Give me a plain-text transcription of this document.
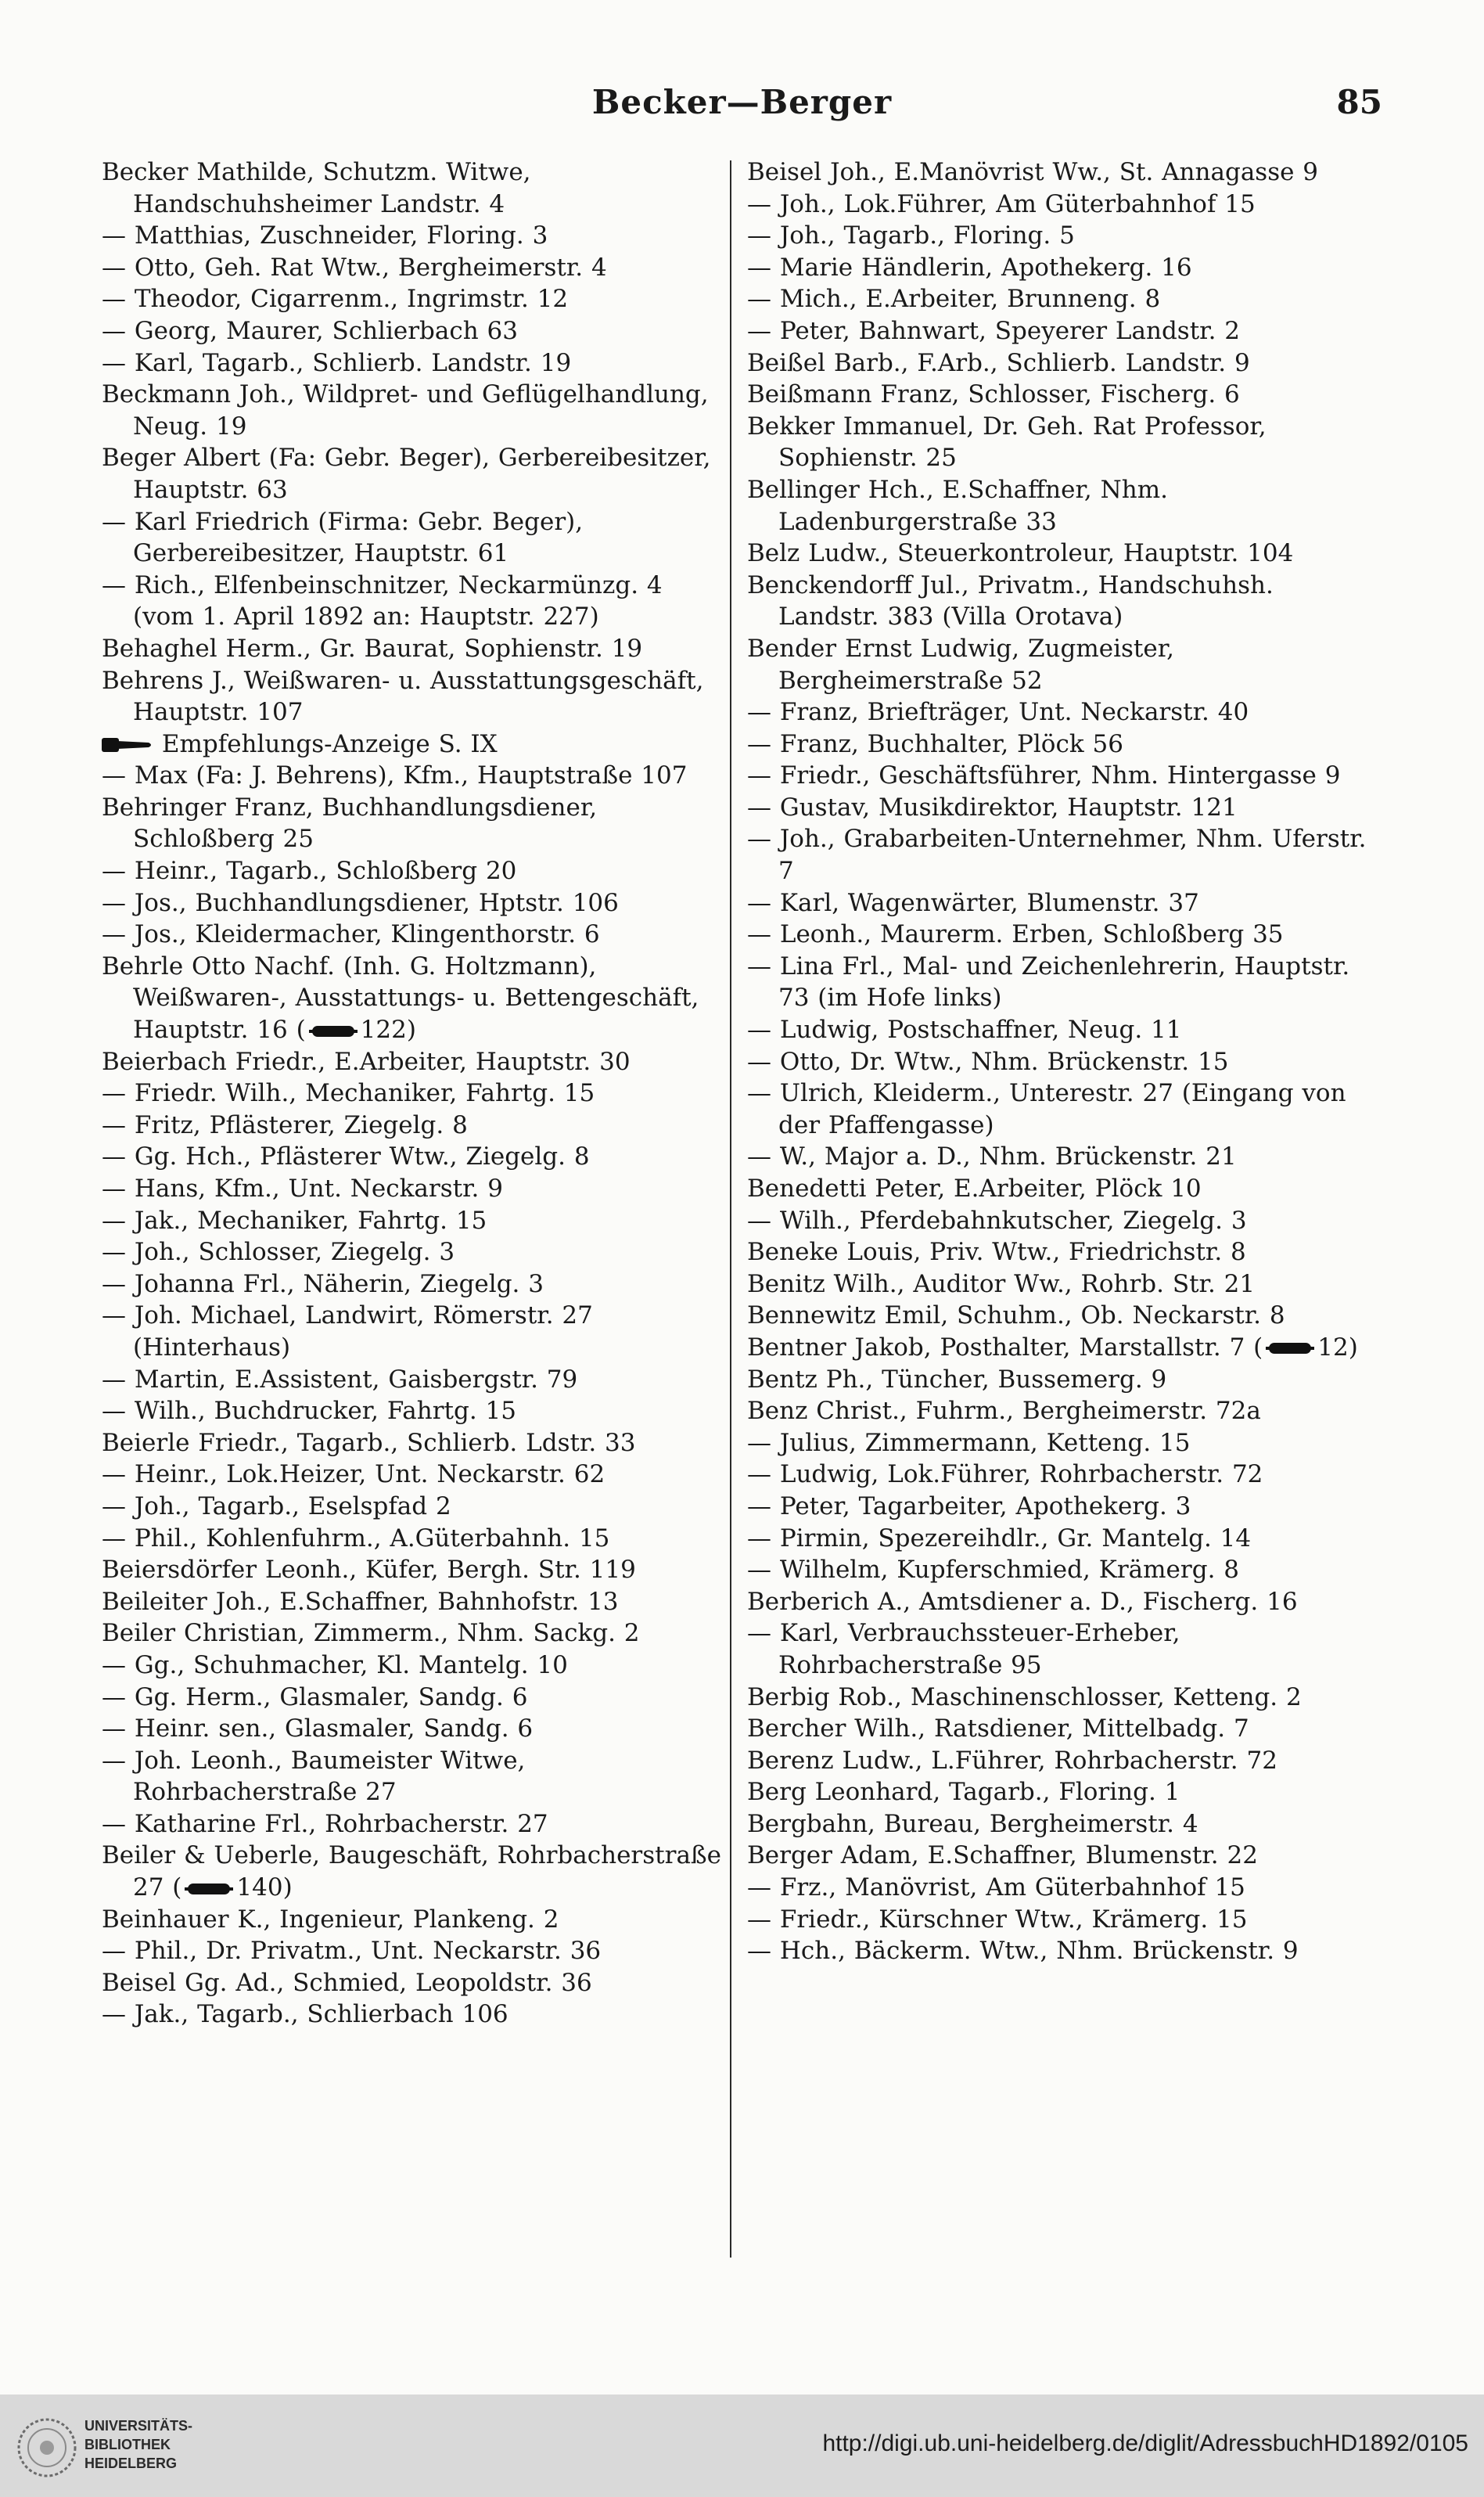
Becker—Berger	85
Becker Mathilde, Schutzm. Witwe, Handschuhsheimer Landstr. 4
— Matthias, Zuschneider, Floring. 3
— Otto, Geh. Rat Wtw., Bergheimerstr. 4
— Theodor, Cigarrenm., Ingrimstr. 12
— Georg, Maurer, Schlierbach 63
— Karl, Tagarb., Schlierb. Landstr. 19
Beckmann Joh., Wildpret- und Geflügelhandlung, Neug. 19
Beger Albert (Fa: Gebr. Beger), Gerbereibesitzer, Hauptstr. 63
— Karl Friedrich (Firma: Gebr. Beger), Gerbereibesitzer, Hauptstr. 61
— Rich., Elfenbeinschnitzer, Neckarmünzg. 4 (vom 1. April 1892 an: Hauptstr. 227)
Behaghel Herm., Gr. Baurat, Sophienstr. 19
Behrens J., Weißwaren- u. Ausstattungsgeschäft, Hauptstr. 107
Empfehlungs-Anzeige S. IX
— Max (Fa: J. Behrens), Kfm., Hauptstraße 107
Behringer Franz, Buchhandlungsdiener, Schloßberg 25
— Heinr., Tagarb., Schloßberg 20
— Jos., Buchhandlungsdiener, Hptstr. 106
— Jos., Kleidermacher, Klingenthorstr. 6
Behrle Otto Nachf. (Inh. G. Holtzmann), Weißwaren-, Ausstattungs- u. Bettengeschäft, Hauptstr. 16 ( 122)
Beierbach Friedr., E.Arbeiter, Hauptstr. 30
— Friedr. Wilh., Mechaniker, Fahrtg. 15
— Fritz, Pflästerer, Ziegelg. 8
— Gg. Hch., Pflästerer Wtw., Ziegelg. 8
— Hans, Kfm., Unt. Neckarstr. 9
— Jak., Mechaniker, Fahrtg. 15
— Joh., Schlosser, Ziegelg. 3
— Johanna Frl., Näherin, Ziegelg. 3
— Joh. Michael, Landwirt, Römerstr. 27 (Hinterhaus)
— Martin, E.Assistent, Gaisbergstr. 79
— Wilh., Buchdrucker, Fahrtg. 15
Beierle Friedr., Tagarb., Schlierb. Ldstr. 33
— Heinr., Lok.Heizer, Unt. Neckarstr. 62
— Joh., Tagarb., Eselspfad 2
— Phil., Kohlenfuhrm., A.Güterbahnh. 15
Beiersdörfer Leonh., Küfer, Bergh. Str. 119
Beileiter Joh., E.Schaffner, Bahnhofstr. 13
Beiler Christian, Zimmerm., Nhm. Sackg. 2
— Gg., Schuhmacher, Kl. Mantelg. 10
— Gg. Herm., Glasmaler, Sandg. 6
— Heinr. sen., Glasmaler, Sandg. 6
— Joh. Leonh., Baumeister Witwe, Rohrbacherstraße 27
— Katharine Frl., Rohrbacherstr. 27
Beiler & Ueberle, Baugeschäft, Rohrbacherstraße 27 ( 140)
Beinhauer K., Ingenieur, Plankeng. 2
— Phil., Dr. Privatm., Unt. Neckarstr. 36
Beisel Gg. Ad., Schmied, Leopoldstr. 36
— Jak., Tagarb., Schlierbach 106
Beisel Joh., E.Manövrist Ww., St. Annagasse 9
— Joh., Lok.Führer, Am Güterbahnhof 15
— Joh., Tagarb., Floring. 5
— Marie Händlerin, Apothekerg. 16
— Mich., E.Arbeiter, Brunneng. 8
— Peter, Bahnwart, Speyerer Landstr. 2
Beißel Barb., F.Arb., Schlierb. Landstr. 9
Beißmann Franz, Schlosser, Fischerg. 6
Bekker Immanuel, Dr. Geh. Rat Professor, Sophienstr. 25
Bellinger Hch., E.Schaffner, Nhm. Ladenburgerstraße 33
Belz Ludw., Steuerkontroleur, Hauptstr. 104
Benckendorff Jul., Privatm., Handschuhsh. Landstr. 383 (Villa Orotava)
Bender Ernst Ludwig, Zugmeister, Bergheimerstraße 52
— Franz, Briefträger, Unt. Neckarstr. 40
— Franz, Buchhalter, Plöck 56
— Friedr., Geschäftsführer, Nhm. Hintergasse 9
— Gustav, Musikdirektor, Hauptstr. 121
— Joh., Grabarbeiten-Unternehmer, Nhm. Uferstr. 7
— Karl, Wagenwärter, Blumenstr. 37
— Leonh., Maurerm. Erben, Schloßberg 35
— Lina Frl., Mal- und Zeichenlehrerin, Hauptstr. 73 (im Hofe links)
— Ludwig, Postschaffner, Neug. 11
— Otto, Dr. Wtw., Nhm. Brückenstr. 15
— Ulrich, Kleiderm., Unterestr. 27 (Eingang von der Pfaffengasse)
— W., Major a. D., Nhm. Brückenstr. 21
Benedetti Peter, E.Arbeiter, Plöck 10
— Wilh., Pferdebahnkutscher, Ziegelg. 3
Beneke Louis, Priv. Wtw., Friedrichstr. 8
Benitz Wilh., Auditor Ww., Rohrb. Str. 21
Bennewitz Emil, Schuhm., Ob. Neckarstr. 8
Bentner Jakob, Posthalter, Marstallstr. 7 ( 12)
Bentz Ph., Tüncher, Bussemerg. 9
Benz Christ., Fuhrm., Bergheimerstr. 72a
— Julius, Zimmermann, Ketteng. 15
— Ludwig, Lok.Führer, Rohrbacherstr. 72
— Peter, Tagarbeiter, Apothekerg. 3
— Pirmin, Spezereihdlr., Gr. Mantelg. 14
— Wilhelm, Kupferschmied, Krämerg. 8
Berberich A., Amtsdiener a. D., Fischerg. 16
— Karl, Verbrauchssteuer-Erheber, Rohrbacherstraße 95
Berbig Rob., Maschinenschlosser, Ketteng. 2
Bercher Wilh., Ratsdiener, Mittelbadg. 7
Berenz Ludw., L.Führer, Rohrbacherstr. 72
Berg Leonhard, Tagarb., Floring. 1
Bergbahn, Bureau, Bergheimerstr. 4
Berger Adam, E.Schaffner, Blumenstr. 22
— Frz., Manövrist, Am Güterbahnhof 15
— Friedr., Kürschner Wtw., Krämerg. 15
— Hch., Bäckerm. Wtw., Nhm. Brückenstr. 9
UNIVERSITÄTS-
BIBLIOTHEK
HEIDELBERG
http://digi.ub.uni-heidelberg.de/diglit/AdressbuchHD1892/0105
